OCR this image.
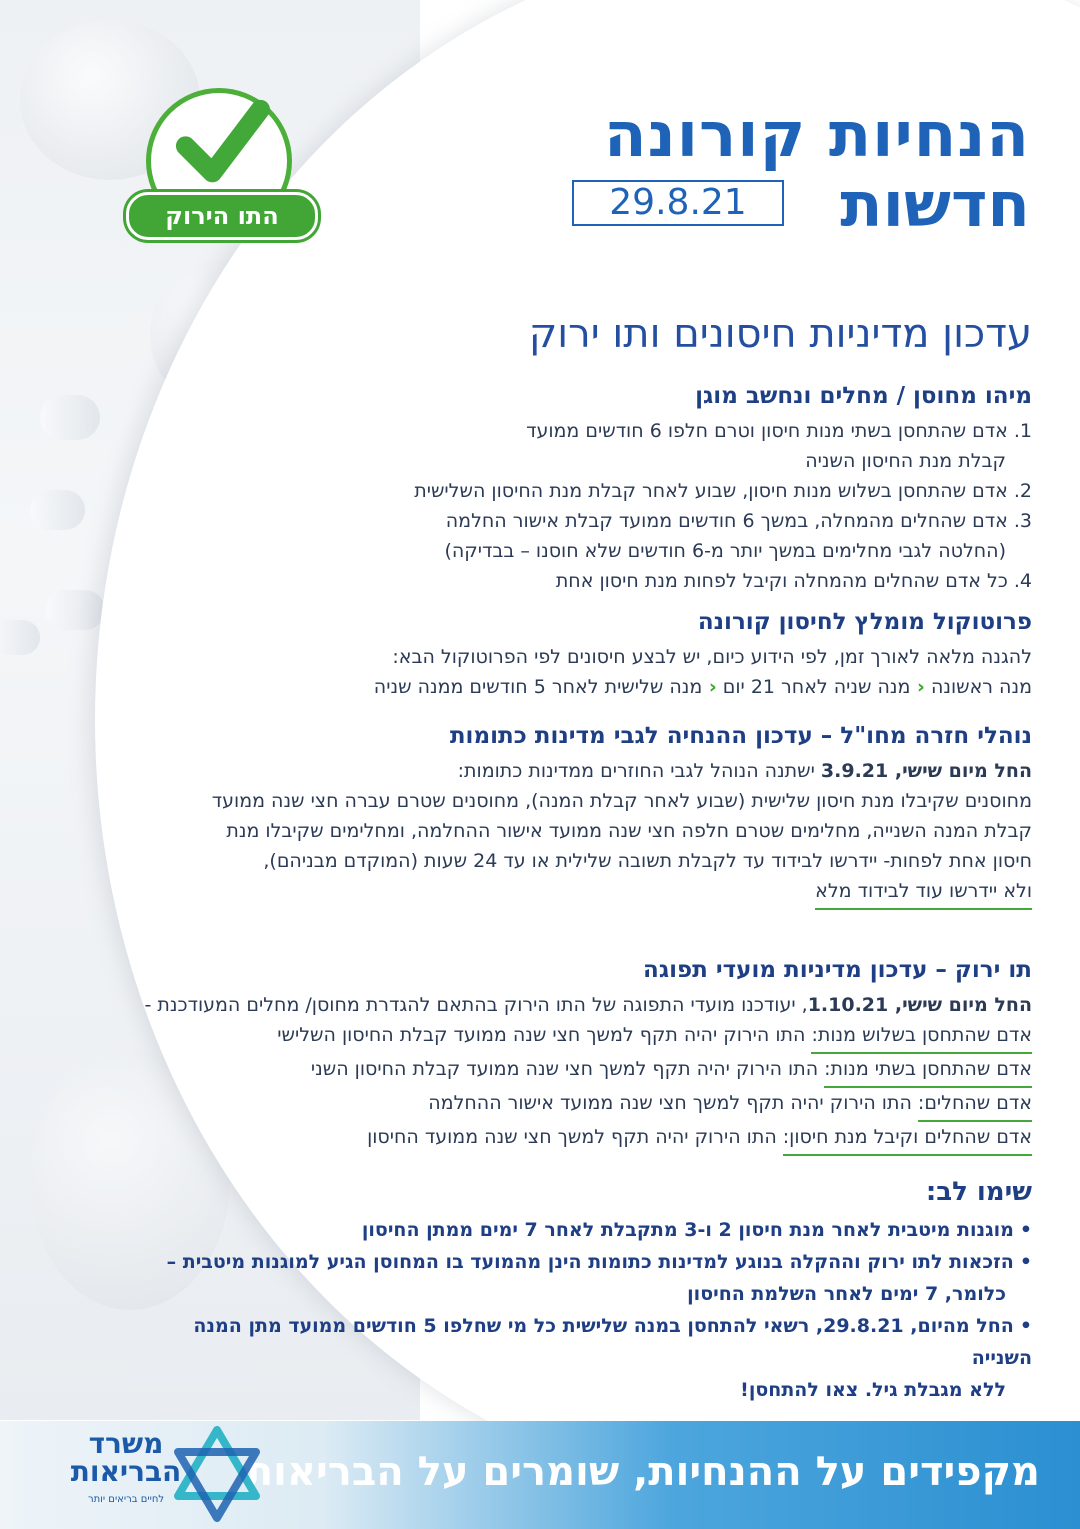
התו הירוק
הנחיות קורונה
חדשות
29.8.21
עדכון מדיניות חיסונים ותו ירוק
מיהו מחוסן / מחלים ונחשב מוגן

1. אדם שהתחסן בשתי מנות חיסון וטרם חלפו 6 חודשים ממועד

קבלת מנת החיסון השניה

2. אדם שהתחסן בשלוש מנות חיסון, שבוע לאחר קבלת מנת החיסון השלישית

3. אדם שהחלים מהמחלה, במשך 6 חודשים ממועד קבלת אישור החלמה

(החלטה לגבי מחלימים במשך יותר מ-6 חודשים שלא חוסנו – בבדיקה)

4. כל אדם שהחלים מהמחלה וקיבל לפחות מנת חיסון אחת

פרוטוקול מומלץ לחיסון קורונה

להגנה מלאה לאורך זמן, לפי הידוע כיום, יש לבצע חיסונים לפי הפרוטוקול הבא:

מנה ראשונה ‹ מנה שניה לאחר 21 יום ‹ מנה שלישית לאחר 5 חודשים ממנה שניה

נוהלי חזרה מחו"ל – עדכון ההנחיה לגבי מדינות כתומות

החל מיום שישי, 3.9.21 ישתנה הנוהל לגבי החוזרים ממדינות כתומות:

מחוסנים שקיבלו מנת חיסון שלישית (שבוע לאחר קבלת המנה), מחוסנים שטרם עברה חצי שנה ממועד

קבלת המנה השנייה, מחלימים שטרם חלפה חצי שנה ממועד אישור ההחלמה, ומחלימים שקיבלו מנת

חיסון אחת לפחות- יידרשו לבידוד עד לקבלת תשובה שלילית או עד 24 שעות (המוקדם מבניהם),

ולא יידרשו עוד לבידוד מלא

תו ירוק – עדכון מדיניות מועדי תפוגה

החל מיום שישי, 1.10.21, יעודכנו מועדי התפוגה של התו הירוק בהתאם להגדרת מחוסן/ מחלים המעודכנת -

אדם שהתחסן בשלוש מנות: התו הירוק יהיה תקף למשך חצי שנה ממועד קבלת החיסון השלישי

אדם שהתחסן בשתי מנות: התו הירוק יהיה תקף למשך חצי שנה ממועד קבלת החיסון השני

אדם שהחלים: התו הירוק יהיה תקף למשך חצי שנה ממועד אישור ההחלמה

אדם שהחלים וקיבל מנת חיסון: התו הירוק יהיה תקף למשך חצי שנה ממועד החיסון

שימו לב:

•מוגנות מיטבית לאחר מנת חיסון 2 ו-3 מתקבלת לאחר 7 ימים ממתן החיסון

•הזכאות לתו ירוק וההקלה בנוגע למדינות כתומות הינן מהמועד בו המחוסן הגיע למוגנות מיטבית –

כלומר, 7 ימים לאחר השלמת החיסון

•החל מהיום, 29.8.21, רשאי להתחסן במנה שלישית כל מי שחלפו 5 חודשים ממועד מתן המנה השנייה

ללא מגבלת גיל. צאו להתחסן!

מקפידים על ההנחיות, שומרים על הבריאות
משרד
הבריאות
לחיים בריאים יותר
